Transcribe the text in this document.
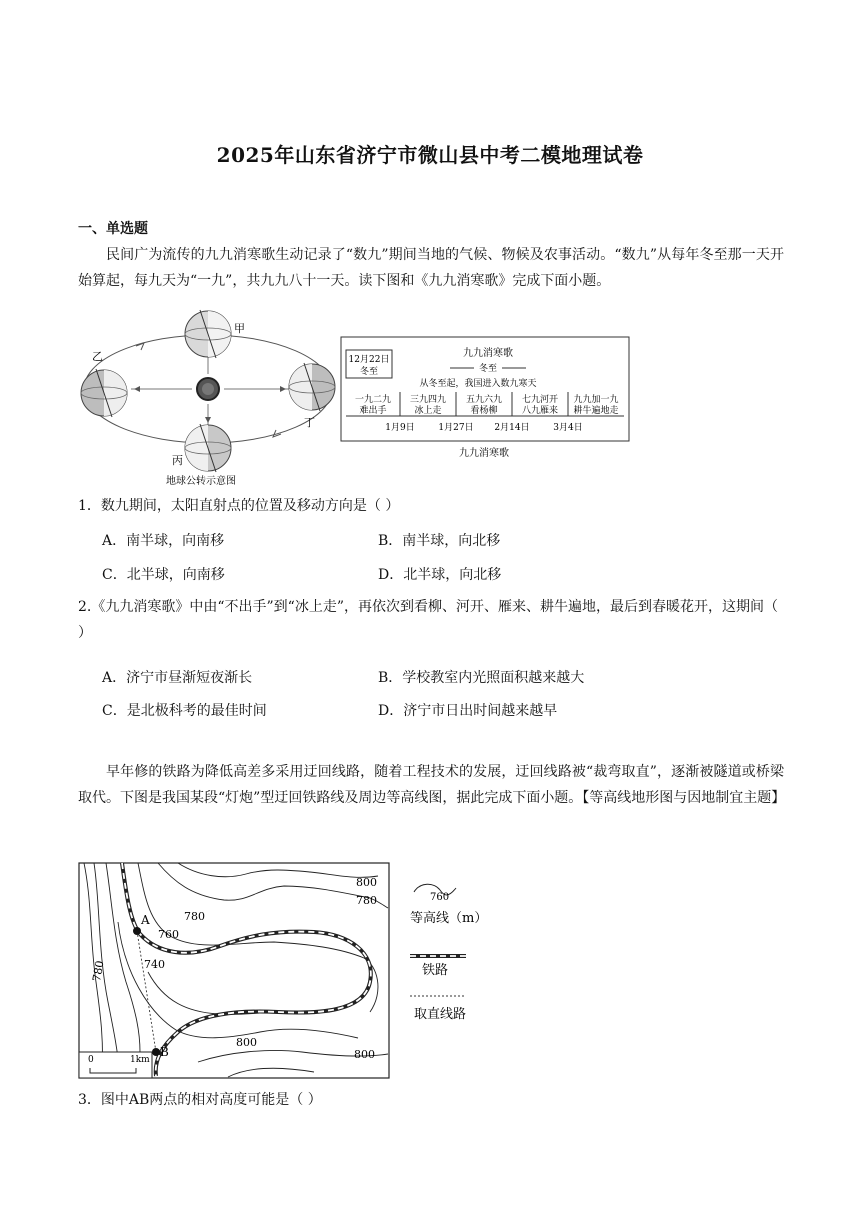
2025年山东省济宁市微山县中考二模地理试卷
一、单选题
民间广为流传的九九消寒歌生动记录了“数九”期间当地的气候、物候及农事活动。“数九”从每年冬至那一天开始算起，每九天为“一九”，共九九八十一天。读下图和《九九消寒歌》完成下面小题。
甲
乙
丙
丁
地球公转示意图
12月22日
冬至
九九消寒歌
冬至
从冬至起，我国进入数九寒天
一九二九
难出手
三九四九
冰上走
五九六九
看杨柳
七九河开
八九雁来
九九加一九
耕牛遍地走
1月9日	1月27日 2月14日	3月4日
九九消寒歌
1．数九期间，太阳直射点的位置及移动方向是（ ）
A．南半球，向南移	B．南半球，向北移
C．北半球，向南移	D．北半球，向北移
2.《九九消寒歌》中由“不出手”到“冰上走”，再依次到看柳、河开、雁来、耕牛遍地，最后到春暖花开，这期间（ ）
A．济宁市昼渐短夜渐长	B．学校教室内光照面积越来越大
C．是北极科考的最佳时间	D．济宁市日出时间越来越早
早年修的铁路为降低高差多采用迂回线路，随着工程技术的发展，迂回线路被“裁弯取直”，逐渐被隧道或桥梁取代。下图是我国某段“灯炮”型迂回铁路线及周边等高线图，据此完成下面小题。【等高线地形图与因地制宜主题】
A
B
800
780
780
760
740
780
800
800
0	1km
760
等高线（m）
铁路
取直线路
3．图中AB两点的相对高度可能是（ ）
